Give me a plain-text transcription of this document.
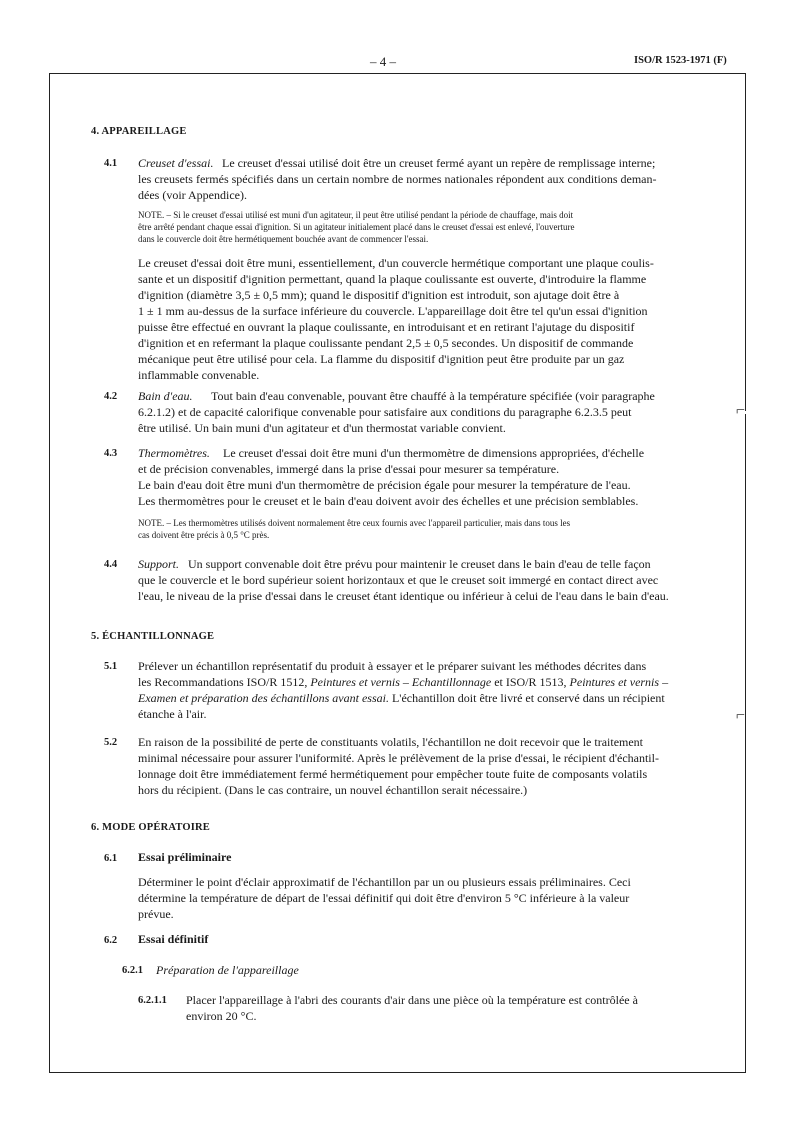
– 4 –	ISO/R 1523-1971 (F)
⌐
⌐
4. APPAREILLAGE
4.1 Creuset d'essai. Le creuset d'essai utilisé doit être un creuset fermé ayant un repère de remplissage interne;
les creusets fermés spécifiés dans un certain nombre de normes nationales répondent aux conditions deman-
dées (voir Appendice).
NOTE. – Si le creuset d'essai utilisé est muni d'un agitateur, il peut être utilisé pendant la période de chauffage, mais doit
être arrêté pendant chaque essai d'ignition. Si un agitateur initialement placé dans le creuset d'essai est enlevé, l'ouverture
dans le couvercle doit être hermétiquement bouchée avant de commencer l'essai.
Le creuset d'essai doit être muni, essentiellement, d'un couvercle hermétique comportant une plaque coulis-
sante et un dispositif d'ignition permettant, quand la plaque coulissante est ouverte, d'introduire la flamme
d'ignition (diamètre 3,5 ± 0,5 mm); quand le dispositif d'ignition est introduit, son ajutage doit être à
1 ± 1 mm au-dessus de la surface inférieure du couvercle. L'appareillage doit être tel qu'un essai d'ignition
puisse être effectué en ouvrant la plaque coulissante, en introduisant et en retirant l'ajutage du dispositif
d'ignition et en refermant la plaque coulissante pendant 2,5 ± 0,5 secondes. Un dispositif de commande
mécanique peut être utilisé pour cela. La flamme du dispositif d'ignition peut être produite par un gaz
inflammable convenable.
4.2 Bain d'eau. Tout bain d'eau convenable, pouvant être chauffé à la température spécifiée (voir paragraphe
6.2.1.2) et de capacité calorifique convenable pour satisfaire aux conditions du paragraphe 6.2.3.5 peut
être utilisé. Un bain muni d'un agitateur et d'un thermostat variable convient.
4.3 Thermomètres. Le creuset d'essai doit être muni d'un thermomètre de dimensions appropriées, d'échelle
et de précision convenables, immergé dans la prise d'essai pour mesurer sa température.
Le bain d'eau doit être muni d'un thermomètre de précision égale pour mesurer la température de l'eau.
Les thermomètres pour le creuset et le bain d'eau doivent avoir des échelles et une précision semblables.
NOTE. – Les thermomètres utilisés doivent normalement être ceux fournis avec l'appareil particulier, mais dans tous les
cas doivent être précis à 0,5 °C près.
4.4 Support. Un support convenable doit être prévu pour maintenir le creuset dans le bain d'eau de telle façon
que le couvercle et le bord supérieur soient horizontaux et que le creuset soit immergé en contact direct avec
l'eau, le niveau de la prise d'essai dans le creuset étant identique ou inférieur à celui de l'eau dans le bain d'eau.
5. ÉCHANTILLONNAGE
5.1 Prélever un échantillon représentatif du produit à essayer et le préparer suivant les méthodes décrites dans
les Recommandations ISO/R 1512, Peintures et vernis – Echantillonnage et ISO/R 1513, Peintures et vernis –
Examen et préparation des échantillons avant essai. L'échantillon doit être livré et conservé dans un récipient
étanche à l'air.
5.2 En raison de la possibilité de perte de constituants volatils, l'échantillon ne doit recevoir que le traitement
minimal nécessaire pour assurer l'uniformité. Après le prélèvement de la prise d'essai, le récipient d'échantil-
lonnage doit être immédiatement fermé hermétiquement pour empêcher toute fuite de composants volatils
hors du récipient. (Dans le cas contraire, un nouvel échantillon serait nécessaire.)
6. MODE OPÉRATOIRE
6.1 Essai préliminaire
Déterminer le point d'éclair approximatif de l'échantillon par un ou plusieurs essais préliminaires. Ceci
détermine la température de départ de l'essai définitif qui doit être d'environ 5 °C inférieure à la valeur
prévue.
6.2 Essai définitif
6.2.1 Préparation de l'appareillage
6.2.1.1 Placer l'appareillage à l'abri des courants d'air dans une pièce où la température est contrôlée à
environ 20 °C.
